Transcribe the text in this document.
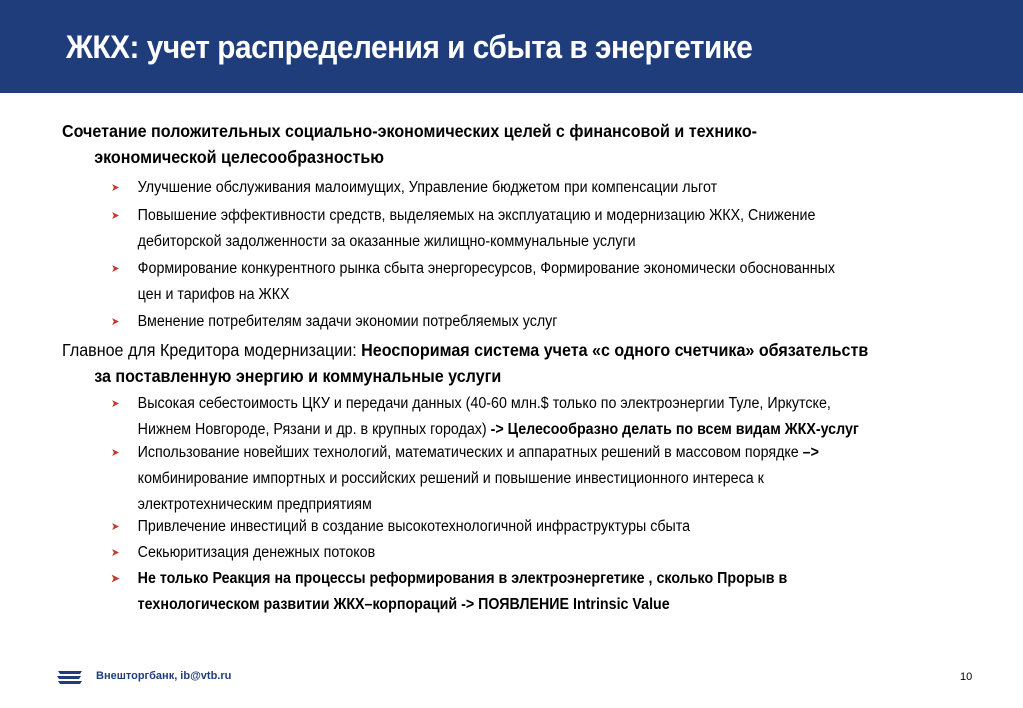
ЖКХ: учет распределения и сбыта в энергетике
Сочетание положительных социально-экономических целей с финансовой и технико-
экономической целесообразностью
➤	Улучшение обслуживания малоимущих, Управление бюджетом при компенсации льгот
➤	Повышение эффективности средств, выделяемых на эксплуатацию и модернизацию ЖКХ, Снижение
дебиторской задолженности за оказанные жилищно-коммунальные услуги
➤	Формирование конкурентного рынка сбыта энергоресурсов, Формирование экономически обоснованных
цен и тарифов на ЖКХ
➤	Вменение потребителям задачи экономии потребляемых услуг
Главное для Кредитора модернизации: Неоспоримая система учета «с одного счетчика» обязательств
за поставленную энергию и коммунальные услуги
➤	Высокая себестоимость ЦКУ и передачи данных (40-60 млн.$ только по электроэнергии Туле, Иркутске,
Нижнем Новгороде, Рязани и др. в крупных городах) -> Целесообразно делать по всем видам ЖКХ-услуг
➤	Использование новейших технологий, математических и аппаратных решений в массовом порядке –>
комбинирование импортных и российских решений и повышение инвестиционного интереса к
электротехническим предприятиям
➤	Привлечение инвестиций в создание высокотехнологичной инфраструктуры сбыта
➤	Секьюритизация денежных потоков
➤	Не только Реакция на процессы реформирования в электроэнергетике , сколько Прорыв в
технологическом развитии ЖКХ–корпораций -> ПОЯВЛЕНИЕ Intrinsic Value
Внешторгбанк, ib@vtb.ru	10
